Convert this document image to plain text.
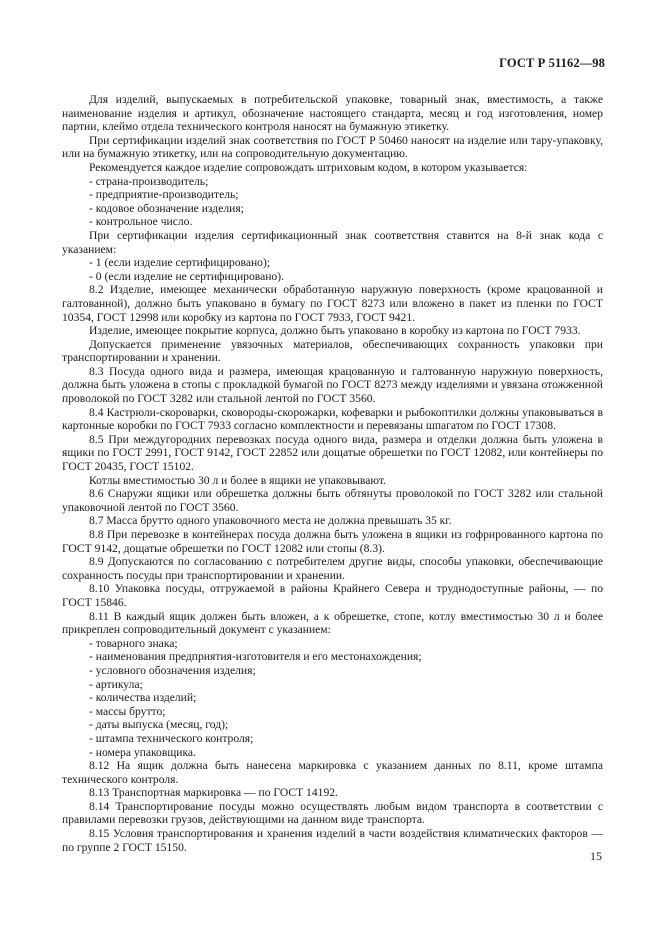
ГОСТ Р 51162—98

Для изделий, выпускаемых в потребительской упаковке, товарный знак, вместимость, а также наименование изделия и артикул, обозначение настоящего стандарта, месяц и год изготовления, номер партии, клеймо отдела технического контроля наносят на бумажную этикетку.

При сертификации изделий знак соответствия по ГОСТ Р 50460 наносят на изделие или тару-упаковку, или на бумажную этикетку, или на сопроводительную документацию.

Рекомендуется каждое изделие сопровождать штриховым кодом, в котором указывается:

- страна-производитель;

- предприятие-производитель;

- кодовое обозначение изделия;

- контрольное число.

При сертификации изделия сертификационный знак соответствия ставится на 8-й знак кода с указанием:

- 1 (если изделие сертифицировано);

- 0 (если изделие не сертифицировано).

8.2 Изделие, имеющее механически обработанную наружную поверхность (кроме крацованной и галтованной), должно быть упаковано в бумагу по ГОСТ 8273 или вложено в пакет из пленки по ГОСТ 10354, ГОСТ 12998 или коробку из картона по ГОСТ 7933, ГОСТ 9421.

Изделие, имеющее покрытие корпуса, должно быть упаковано в коробку из картона по ГОСТ 7933.

Допускается применение увязочных материалов, обеспечивающих сохранность упаковки при транспортировании и хранении.

8.3 Посуда одного вида и размера, имеющая крацованную и галтованную наружную поверхность, должна быть уложена в стопы с прокладкой бумагой по ГОСТ 8273 между изделиями и увязана отожженной проволокой по ГОСТ 3282 или стальной лентой по ГОСТ 3560.

8.4 Кастрюли-скороварки, сковороды-скорожарки, кофеварки и рыбокоптилки должны упаковываться в картонные коробки по ГОСТ 7933 согласно комплектности и перевязаны шпагатом по ГОСТ 17308.

8.5 При междугородних перевозках посуда одного вида, размера и отделки должна быть уложена в ящики по ГОСТ 2991, ГОСТ 9142, ГОСТ 22852 или дощатые обрешетки по ГОСТ 12082, или контейнеры по ГОСТ 20435, ГОСТ 15102.

Котлы вместимостью 30 л и более в ящики не упаковывают.

8.6 Снаружи ящики или обрешетка должны быть обтянуты проволокой по ГОСТ 3282 или стальной упаковочной лентой по ГОСТ 3560.

8.7 Масса брутто одного упаковочного места не должна превышать 35 кг.

8.8 При перевозке в контейнерах посуда должна быть уложена в ящики из гофрированного картона по ГОСТ 9142, дощатые обрешетки по ГОСТ 12082 или стопы (8.3).

8.9 Допускаются по согласованию с потребителем другие виды, способы упаковки, обеспечивающие сохранность посуды при транспортировании и хранении.

8.10 Упаковка посуды, отгружаемой в районы Крайнего Севера и труднодоступные районы, — по ГОСТ 15846.

8.11 В каждый ящик должен быть вложен, а к обрешетке, стопе, котлу вместимостью 30 л и более прикреплен сопроводительный документ с указанием:

- товарного знака;

- наименования предприятия-изготовителя и его местонахождения;

- условного обозначения изделия;

- артикула;

- количества изделий;

- массы брутто;

- даты выпуска (месяц, год);

- штампа технического контроля;

- номера упаковщика.

8.12 На ящик должна быть нанесена маркировка с указанием данных по 8.11, кроме штампа технического контроля.

8.13 Транспортная маркировка — по ГОСТ 14192.

8.14 Транспортирование посуды можно осуществлять любым видом транспорта в соответствии с правилами перевозки грузов, действующими на данном виде транспорта.

8.15 Условия транспортирования и хранения изделий в части воздействия климатических факторов — по группе 2 ГОСТ 15150.

15
